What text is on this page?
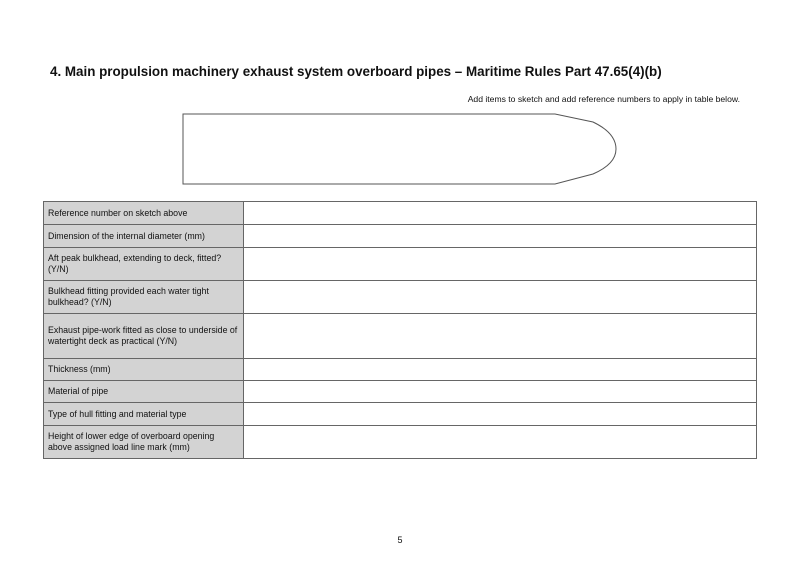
4. Main propulsion machinery exhaust system overboard pipes – Maritime Rules Part 47.65(4)(b)
Add items to sketch and add reference numbers to apply in table below.
Reference number on sketch above	
Dimension of the internal diameter (mm)	
Aft peak bulkhead, extending to deck, fitted? (Y/N)	
Bulkhead fitting provided each water tight bulkhead? (Y/N)	
Exhaust pipe-work fitted as close to underside of watertight deck as practical (Y/N)	
Thickness (mm)	
Material of pipe	
Type of hull fitting and material type	
Height of lower edge of overboard opening above assigned load line mark (mm)	
5
